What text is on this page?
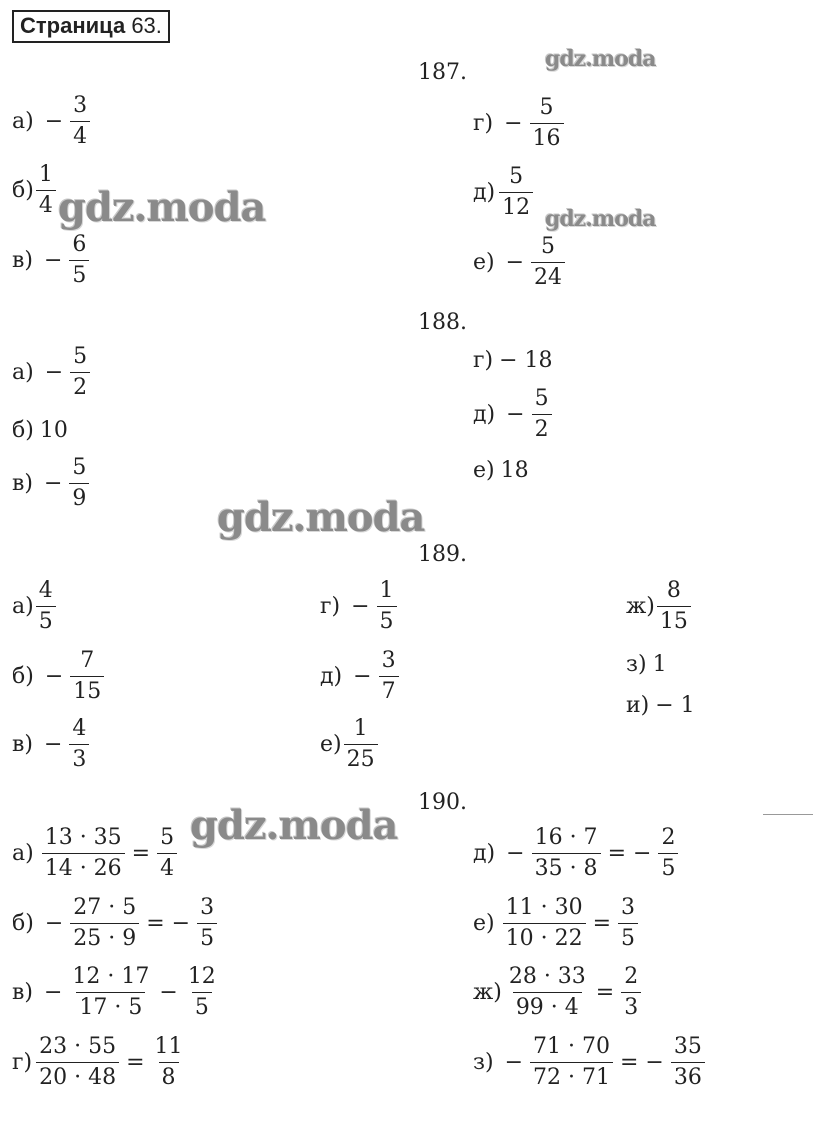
Страница 63.
gdz.moda
gdz.moda	gdz.moda
gdz.moda
gdz.moda
187.
$а) - \frac{3}{4}$
$б) \frac{1}{4}$
$в) - \frac{6}{5}$
$г) - \frac{5}{16}$
$д) \frac{5}{12}$
$е) - \frac{5}{24}$
188.
$а) - \frac{5}{2}$
б) 10
$в) - \frac{5}{9}$
г) − 18
$д) - \frac{5}{2}$
е) 18
189.
$а) \frac{4}{5}$
$б) - \frac{7}{15}$
$в) - \frac{4}{3}$
$г) - \frac{1}{5}$
$д) - \frac{3}{7}$
$е) \frac{1}{25}$
$ж) \frac{8}{15}$
з) 1
и) − 1
190.
$а) \frac{13 \cdot 35}{14 \cdot 26} = \frac{5}{4}$
$б) - \frac{27 \cdot 5}{25 \cdot 9}$ = − $\frac{3}{5}$
$в) - \frac{12 \cdot 17}{17 \cdot 5} - \frac{12}{5}$
$г) \frac{23 \cdot 55}{20 \cdot 48} = \frac{11}{8}$
$д) - \frac{16 \cdot 7}{35 \cdot 8}$ = − $\frac{2}{5}$
$е) \frac{11 \cdot 30}{10 \cdot 22} = \frac{3}{5}$
$ж) \frac{28 \cdot 33}{99 \cdot 4} = \frac{2}{3}$
$з) - \frac{71 \cdot 70}{72 \cdot 71}$ = − $\frac{35}{36}$
